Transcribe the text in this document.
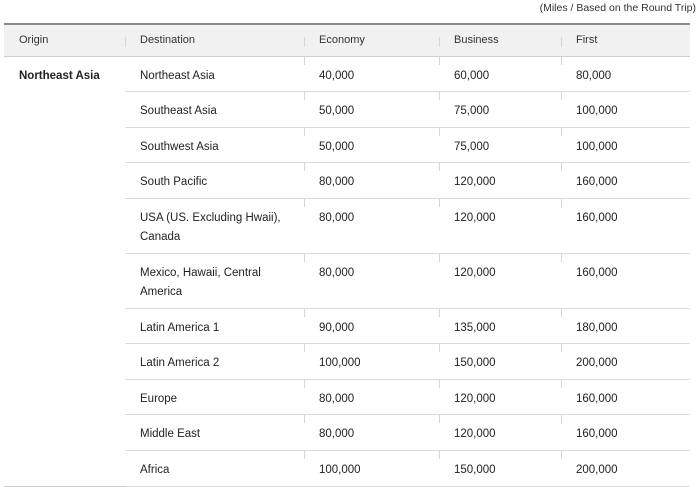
(Miles / Based on the Round Trip)
Origin	Destination	Economy	Business	First
Northeast Asia	Northeast Asia	40,000	60,000	80,000
	Southeast Asia	50,000	75,000	100,000
	Southwest Asia	50,000	75,000	100,000
	South Pacific	80,000	120,000	160,000
	USA (US. Excluding Hwaii), Canada	80,000	120,000	160,000
	Mexico, Hawaii, Central America	80,000	120,000	160,000
	Latin America 1	90,000	135,000	180,000
	Latin America 2	100,000	150,000	200,000
	Europe	80,000	120,000	160,000
	Middle East	80,000	120,000	160,000
	Africa	100,000	150,000	200,000
